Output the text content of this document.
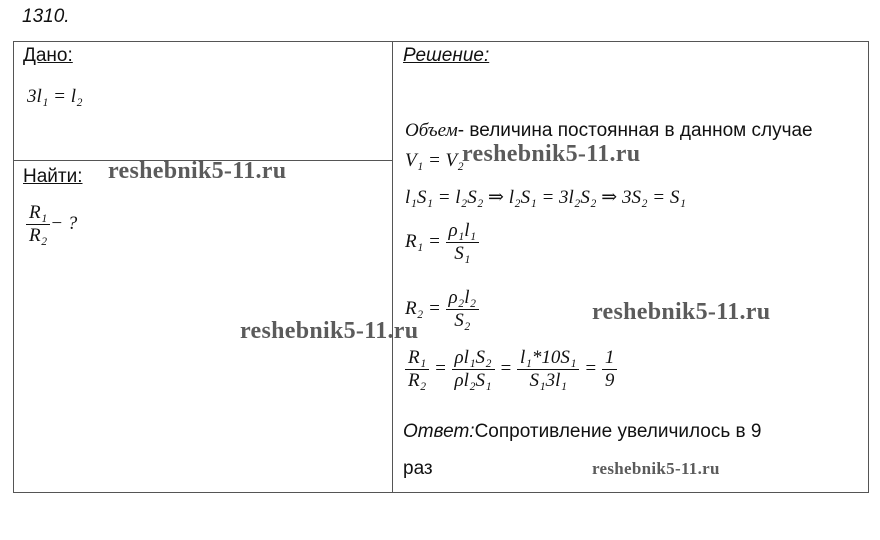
1310.
Дано:
3l₁ = l₂
Найти:
$\frac{\text{R₁}}{\text{R₂}}$ − ?
Решение:
Объем - величина постоянная в данном случае
V₁ = V₂
l₁S₁ = l₂S₂ ⇒ l₂S₁ = 3l₂S₂ ⇒ 3S₂ = S₁
R₁ =
$\frac{\text{ρ₁l₁}}{\text{S₁}}$
R₂ =
$\frac{\text{ρ₂l₂}}{\text{S₂}}$
$\frac{\text{R₁}}{\text{R₂}}$
=
$\frac{\text{ρl₁S₂}}{\text{ρl₂S₁}}$
=
$\frac{\text{l₁*10S₁}}{\text{S₁3l₁}}$
=
$\frac{1}{9}$
Ответ: Сопротивление увеличилось в 9
раз
reshebnik5-11.ru
reshebnik5-11.ru
reshebnik5-11.ru
reshebnik5-11.ru
reshebnik5-11.ru
